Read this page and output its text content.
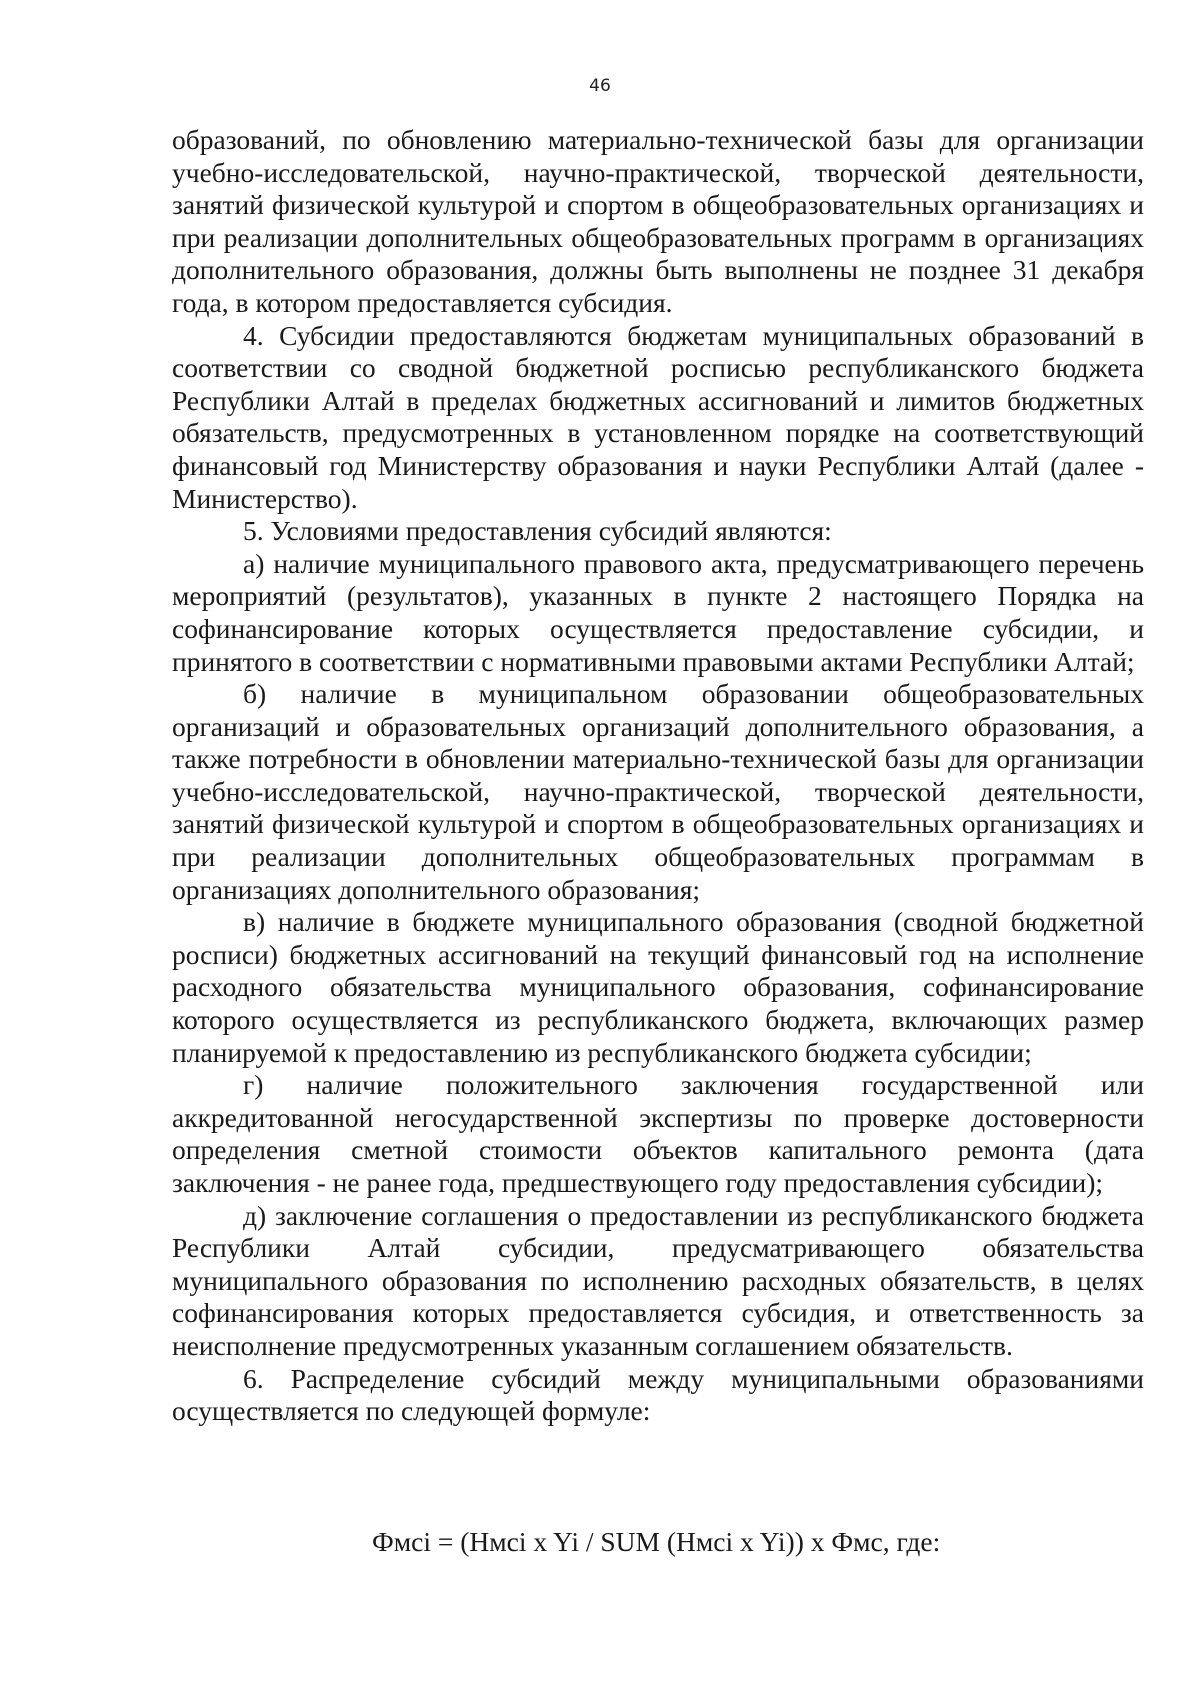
46

образований, по обновлению материально-технической базы для организации учебно-исследовательской, научно-практической, творческой деятельности, занятий физической культурой и спортом в общеобразовательных организациях и при реализации дополнительных общеобразовательных программ в организациях дополнительного образования, должны быть выполнены не позднее 31 декабря года, в котором предоставляется субсидия.

4. Субсидии предоставляются бюджетам муниципальных образований в соответствии со сводной бюджетной росписью республиканского бюджета Республики Алтай в пределах бюджетных ассигнований и лимитов бюджетных обязательств, предусмотренных в установленном порядке на соответствующий финансовый год Министерству образования и науки Республики Алтай (далее - Министерство).

5. Условиями предоставления субсидий являются:

а) наличие муниципального правового акта, предусматривающего перечень мероприятий (результатов), указанных в пункте 2 настоящего Порядка на софинансирование которых осуществляется предоставление субсидии, и принятого в соответствии с нормативными правовыми актами Республики Алтай;

б) наличие в муниципальном образовании общеобразовательных организаций и образовательных организаций дополнительного образования, а также потребности в обновлении материально-технической базы для организации учебно-исследовательской, научно-практической, творческой деятельности, занятий физической культурой и спортом в общеобразовательных организациях и при реализации дополнительных общеобразовательных программам в организациях дополнительного образования;

в) наличие в бюджете муниципального образования (сводной бюджетной росписи) бюджетных ассигнований на текущий финансовый год на исполнение расходного обязательства муниципального образования, софинансирование которого осуществляется из республиканского бюджета, включающих размер планируемой к предоставлению из республиканского бюджета субсидии;

г) наличие положительного заключения государственной или аккредитованной негосударственной экспертизы по проверке достоверности определения сметной стоимости объектов капитального ремонта (дата заключения - не ранее года, предшествующего году предоставления субсидии);

д) заключение соглашения о предоставлении из республиканского бюджета Республики Алтай субсидии, предусматривающего обязательства муниципального образования по исполнению расходных обязательств, в целях софинансирования которых предоставляется субсидия, и ответственность за неисполнение предусмотренных указанным соглашением обязательств.

6. Распределение субсидий между муниципальными образованиями осуществляется по следующей формуле:

Фмсi = (Нмсi x Yi / SUM (Нмсi x Yi)) x Фмс, где:
